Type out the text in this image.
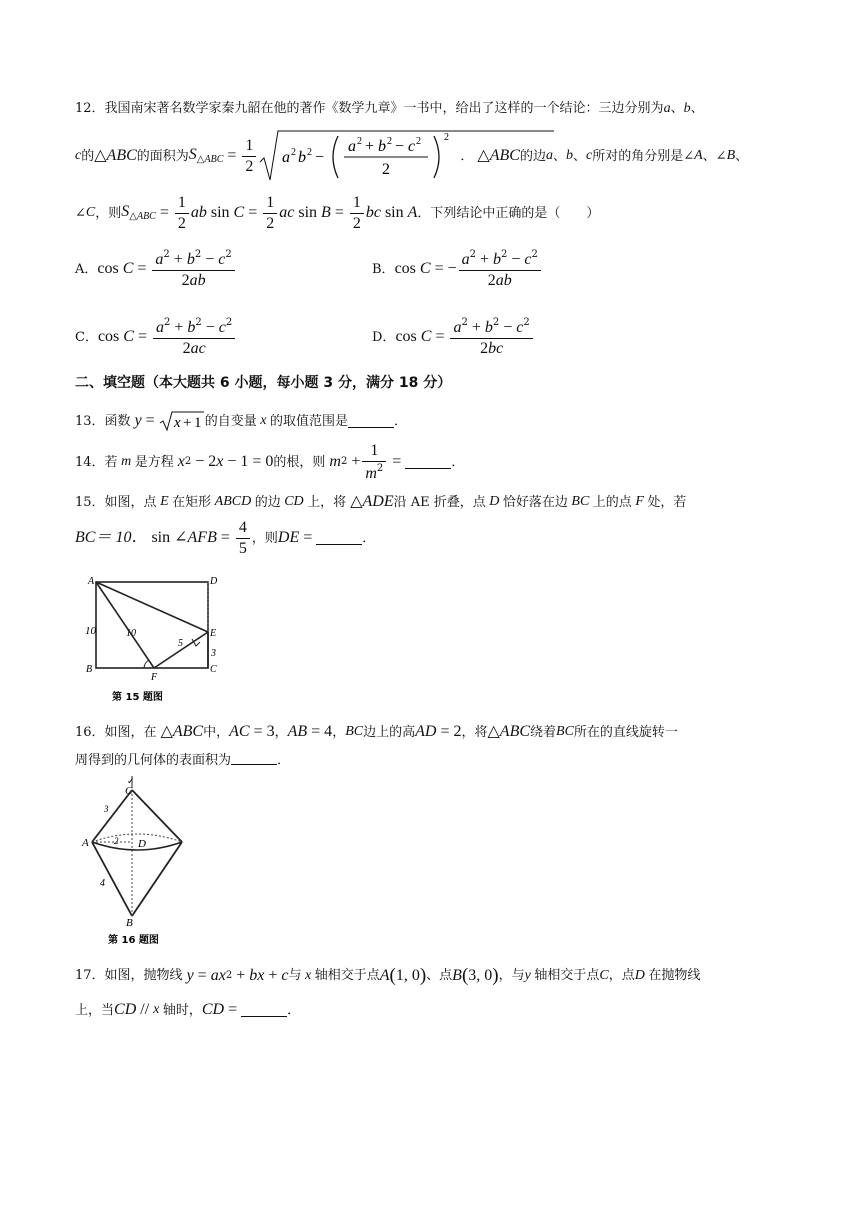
12．我国南宋著名数学家秦九韶在他的著作《数学九章》一书中，给出了这样的一个结论：三边分别为a、b、
c 的 △ ABC 的面积为 $S_{\triangle ABC} = \frac{1}{2}$ a 2 b 2 −
a 2 + b 2 − c 2
2
2
． △ ABC 的边 a 、 b 、 c 所对的角分别是∠ A 、∠ B 、
∠ C ，则 $S_{\triangle ABC} = \frac{1}{2}$ ab $\sin C = \frac{1}{2}$ ac $\sin B = \frac{1}{2}$ bc sin A ．下列结论中正确的是（　　）
A． $\cos C = \frac{a^2 + b^2 - c^2}{2ab}$	B． cos C = − $\frac{a^2 + b^2 - c^2}{2ab}$
C． $\cos C = \frac{a^2 + b^2 - c^2}{2ac}$	D． $\cos C = \frac{a^2 + b^2 - c^2}{2bc}$
二、填空题（本大题共 6 小题，每小题 3 分，满分 18 分）
13． 函数 y = x + 1 的自变量 x 的取值范围是	．
14． 若 m 是方程 x 2 − 2 x − 1 = 0 的根，则 m $2 + \frac{1}{m^2}$ =	．
15． 如图，点 E 在矩形 ABCD 的边 CD 上，将 △ ADE 沿 AE 折叠，点 D 恰好落在边 BC 上的点 F 处，若
BC＝ 10． sin ∠ AFB = $\frac{4}{5}$ ，则 DE =	．
A	D
B	C
E
F
10	10
5
3
第 15 题图
16． 如图，在 △ ABC 中， AC = 3 ， AB = 4 ， BC 边上的高 AD = 2 ，将 △ ABC 绕着 BC 所在的直线旋转一
周得到的几何体的表面积为	．
✓
C
A	D
B
3
2
4
第 16 题图
17． 如图，抛物线 y = ax 2 + bx + c 与 x 轴相交于点 A ( 1, 0 ) 、点 B ( 3, 0 ) ，与 y 轴相交于点 C ，点 D 在抛物线
上，当 CD // x 轴时， CD =	．
